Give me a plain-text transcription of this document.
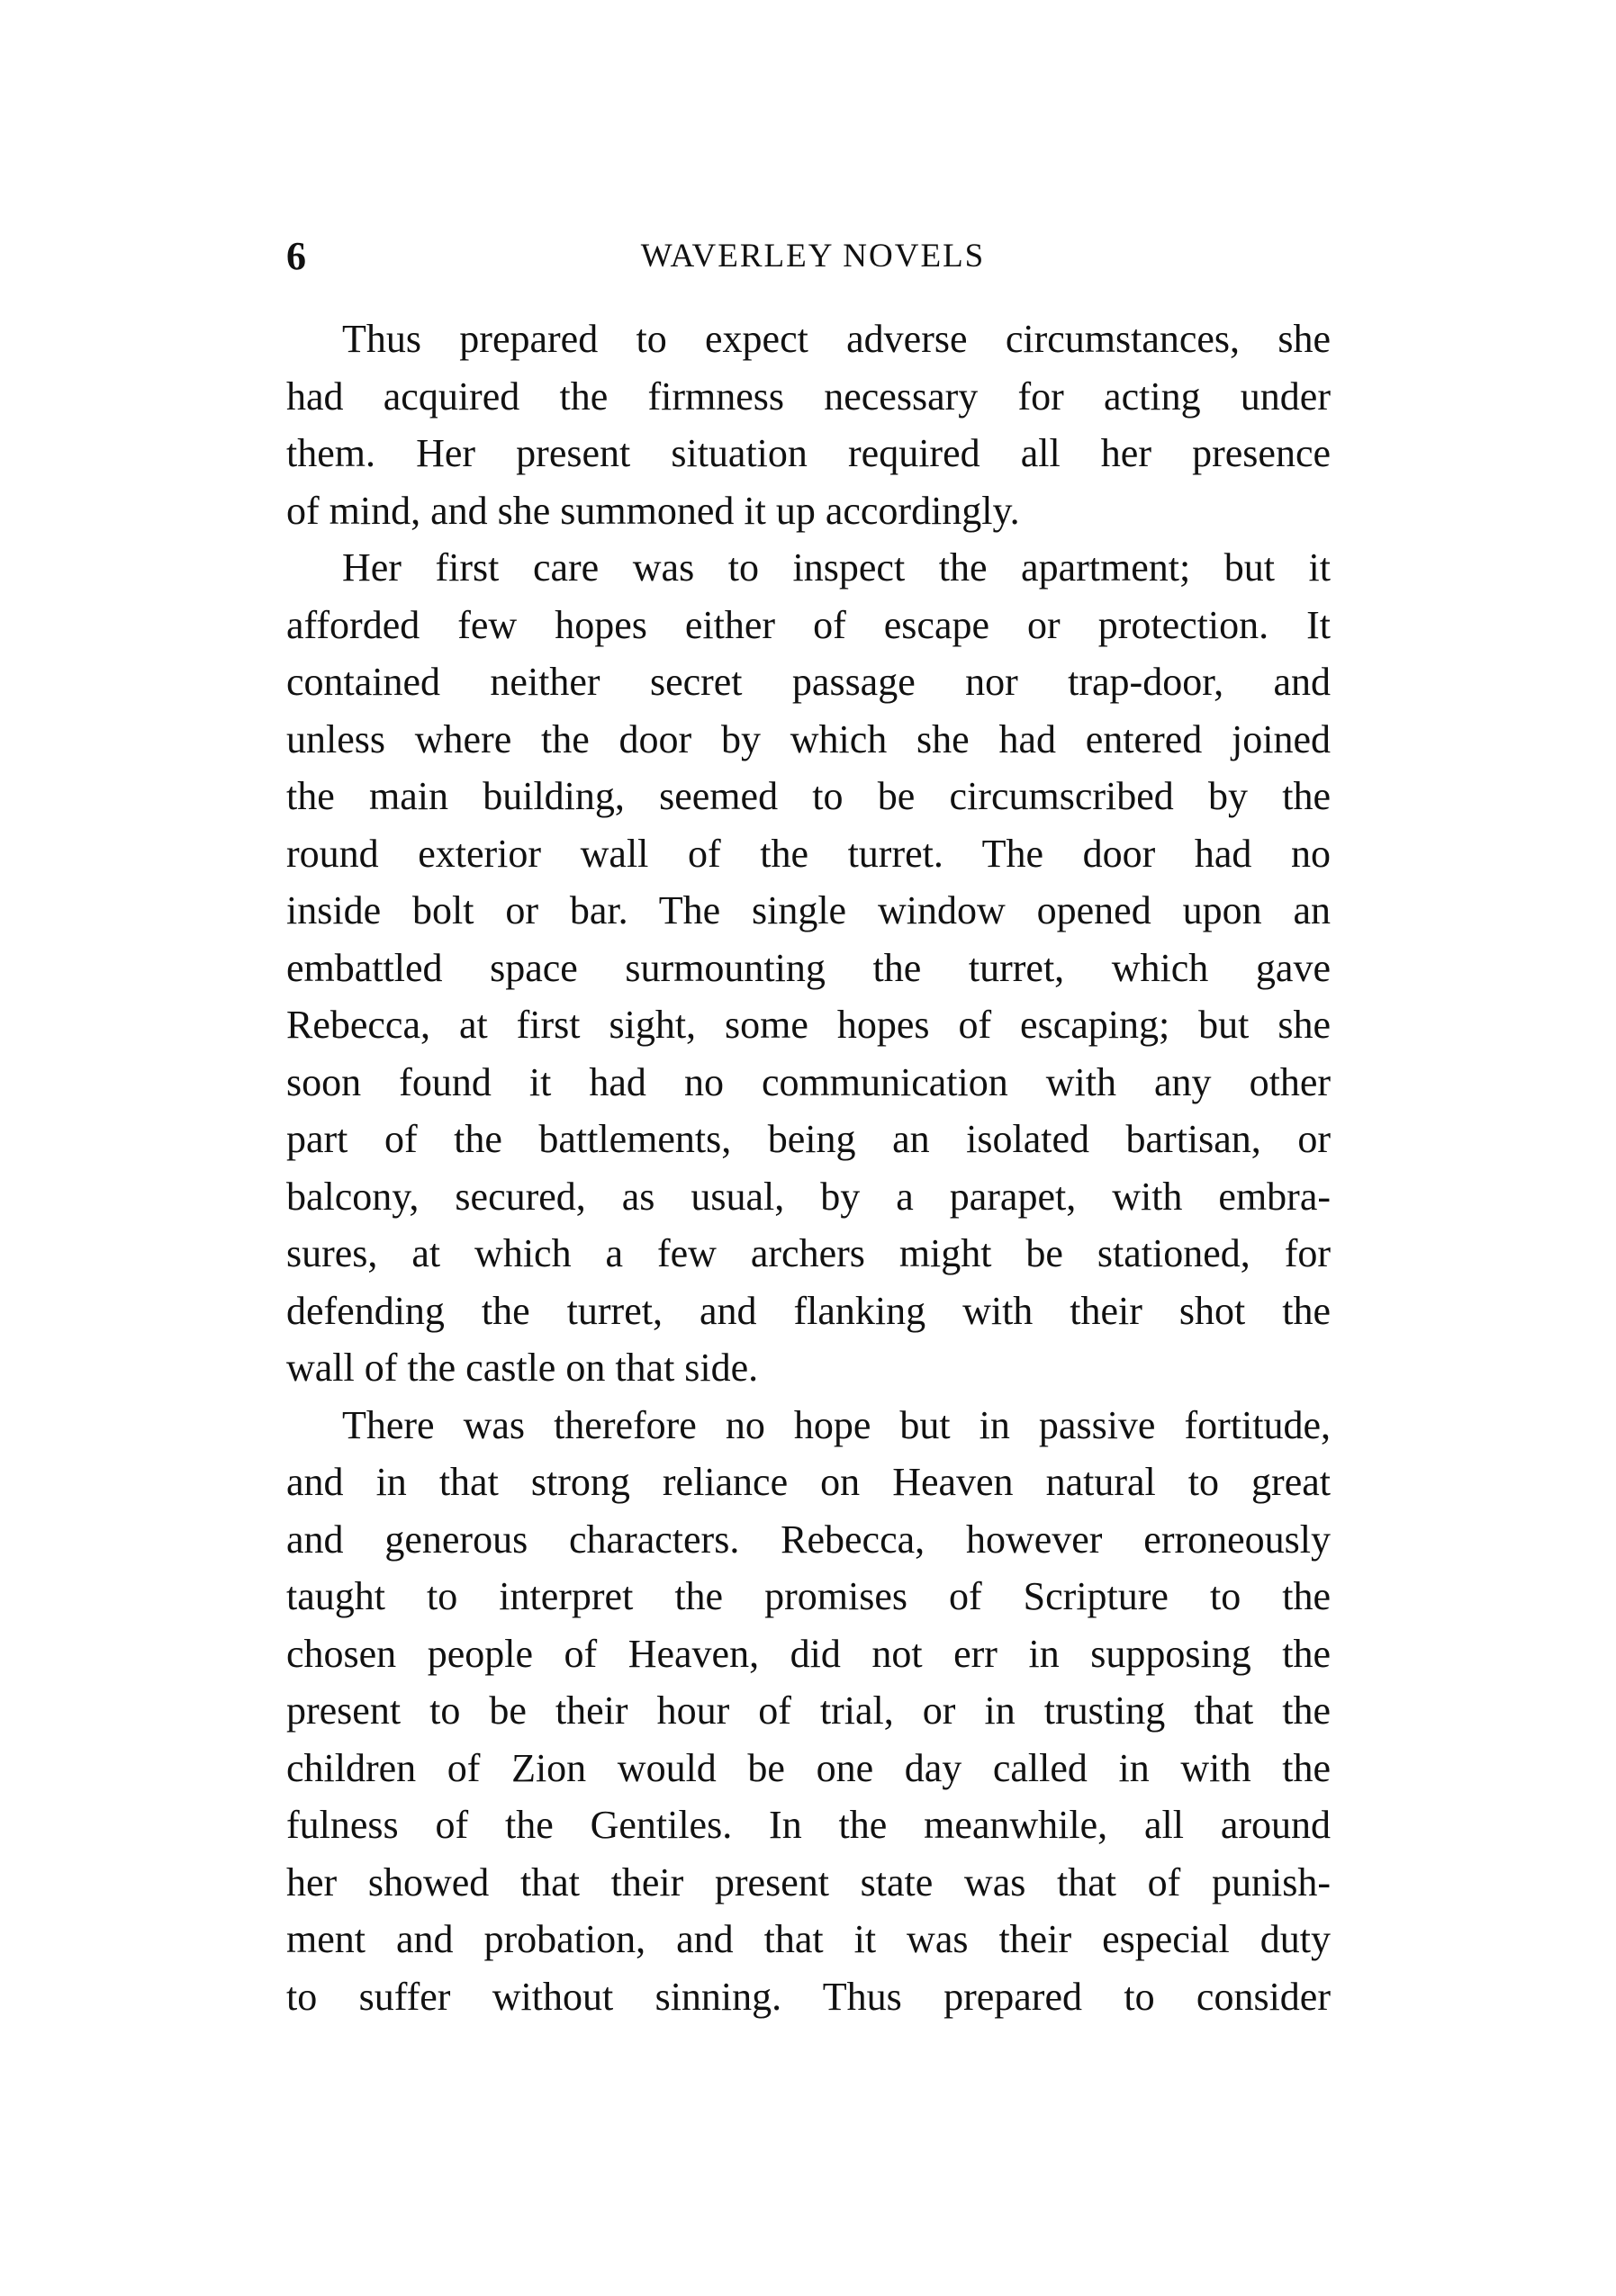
6	WAVERLEY NOVELS

Thus prepared to expect adverse circumstances, she
had acquired the firmness necessary for acting under
them. Her present situation required all her presence
of mind, and she summoned it up accordingly.

Her first care was to inspect the apartment; but it
afforded few hopes either of escape or protection. It
contained neither secret passage nor trap-door, and
unless where the door by which she had entered joined
the main building, seemed to be circumscribed by the
round exterior wall of the turret. The door had no
inside bolt or bar. The single window opened upon an
embattled space surmounting the turret, which gave
Rebecca, at first sight, some hopes of escaping; but she
soon found it had no communication with any other
part of the battlements, being an isolated bartisan, or
balcony, secured, as usual, by a parapet, with embra-
sures, at which a few archers might be stationed, for
defending the turret, and flanking with their shot the
wall of the castle on that side.

There was therefore no hope but in passive fortitude,
and in that strong reliance on Heaven natural to great
and generous characters. Rebecca, however erroneously
taught to interpret the promises of Scripture to the
chosen people of Heaven, did not err in supposing the
present to be their hour of trial, or in trusting that the
children of Zion would be one day called in with the
fulness of the Gentiles. In the meanwhile, all around
her showed that their present state was that of punish-
ment and probation, and that it was their especial duty
to suffer without sinning. Thus prepared to consider
